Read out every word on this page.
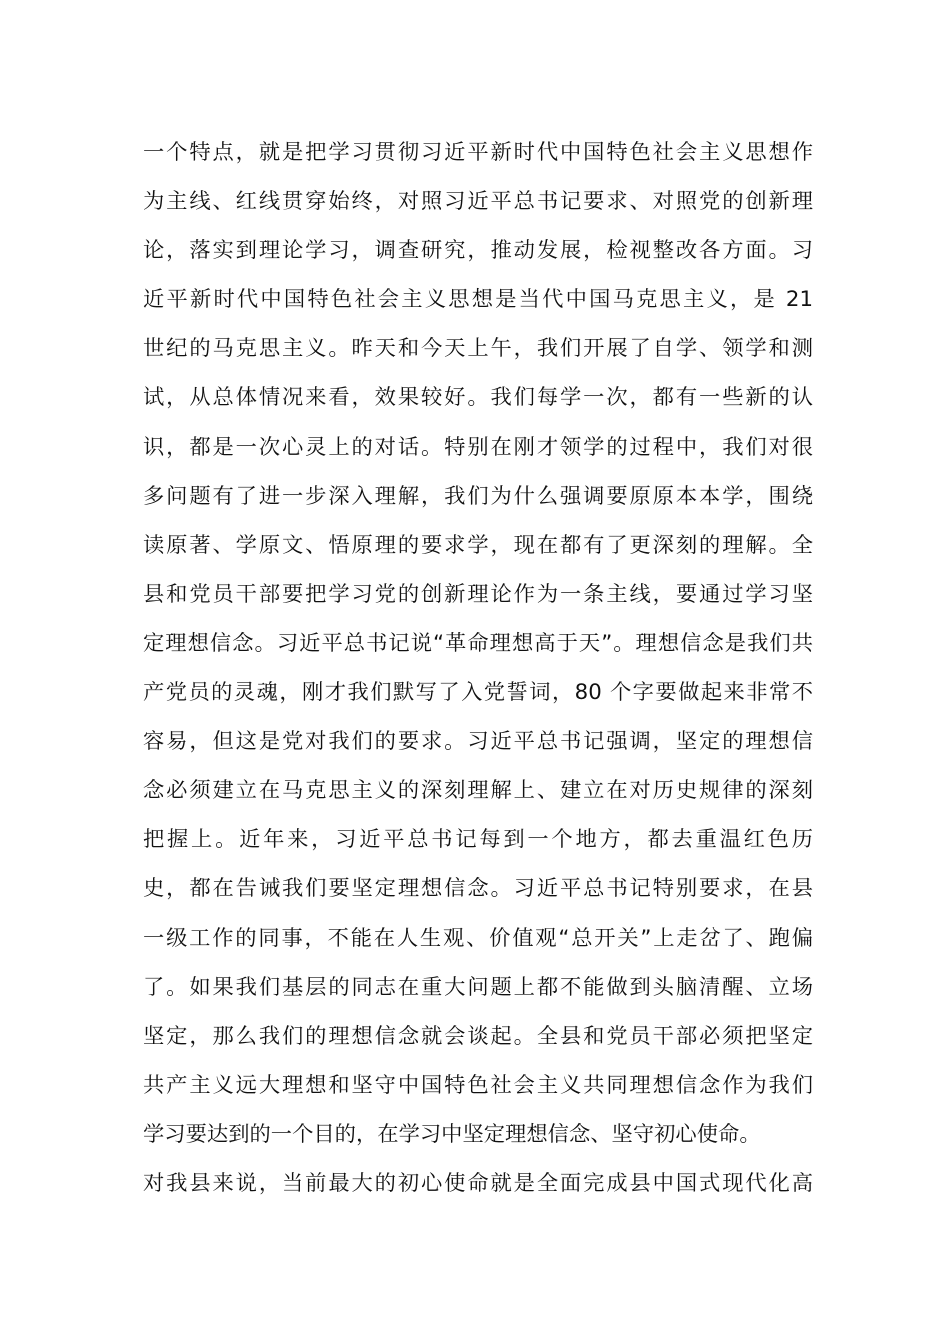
一个特点，就是把学习贯彻习近平新时代中国特色社会主义思想作
为主线、红线贯穿始终，对照习近平总书记要求、对照党的创新理
论，落实到理论学习，调查研究，推动发展，检视整改各方面。习
近平新时代中国特色社会主义思想是当代中国马克思主义，是 21
世纪的马克思主义。昨天和今天上午，我们开展了自学、领学和测
试，从总体情况来看，效果较好。我们每学一次，都有一些新的认
识，都是一次心灵上的对话。特别在刚才领学的过程中，我们对很
多问题有了进一步深入理解，我们为什么强调要原原本本学，围绕
读原著、学原文、悟原理的要求学，现在都有了更深刻的理解。全
县和党员干部要把学习党的创新理论作为一条主线，要通过学习坚
定理想信念。习近平总书记说“革命理想高于天”。理想信念是我们共
产党员的灵魂，刚才我们默写了入党誓词，80 个字要做起来非常不
容易，但这是党对我们的要求。习近平总书记强调，坚定的理想信
念必须建立在马克思主义的深刻理解上、建立在对历史规律的深刻
把握上。近年来，习近平总书记每到一个地方，都去重温红色历
史，都在告诫我们要坚定理想信念。习近平总书记特别要求，在县
一级工作的同事，不能在人生观、价值观“总开关”上走岔了、跑偏
了。如果我们基层的同志在重大问题上都不能做到头脑清醒、立场
坚定，那么我们的理想信念就会谈起。全县和党员干部必须把坚定
共产主义远大理想和坚守中国特色社会主义共同理想信念作为我们
学习要达到的一个目的，在学习中坚定理想信念、坚守初心使命。
对我县来说，当前最大的初心使命就是全面完成县中国式现代化高
